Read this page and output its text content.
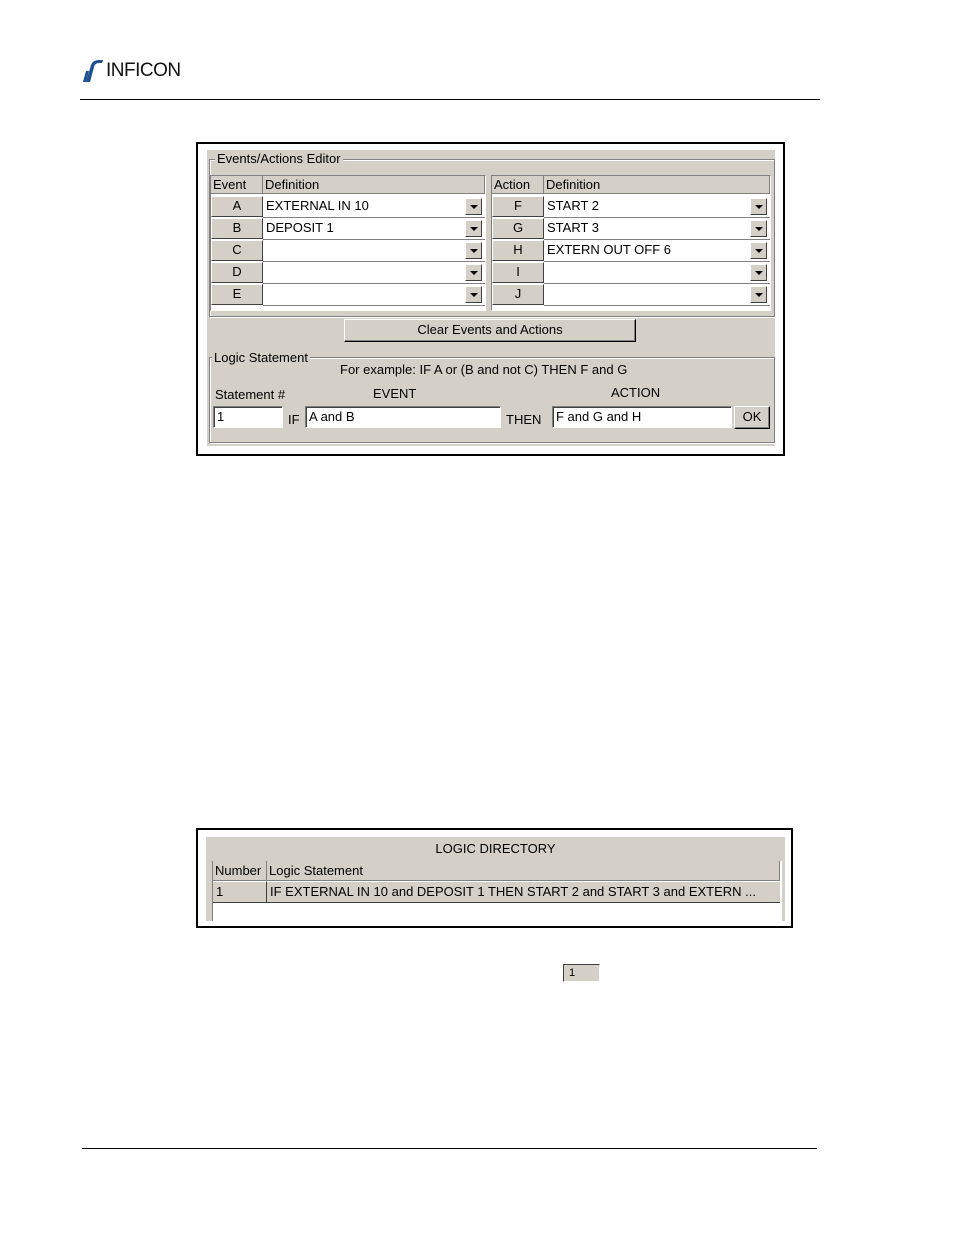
INFICON
Events/Actions Editor
Event	Definition
A	EXTERNAL IN 10
B	DEPOSIT 1
C
D
E
Action	Definition
F	START 2
G	START 3
H	EXTERN OUT OFF 6
I
J
Clear Events and Actions
Logic Statement
For example: IF A or (B and not C) THEN F and G
Statement #	EVENT	ACTION
1	IF A and B	THEN	F and G and H	OK
LOGIC DIRECTORY
Number Logic Statement
1	IF EXTERNAL IN 10 and DEPOSIT 1 THEN START 2 and START 3 and EXTERN ...
1
